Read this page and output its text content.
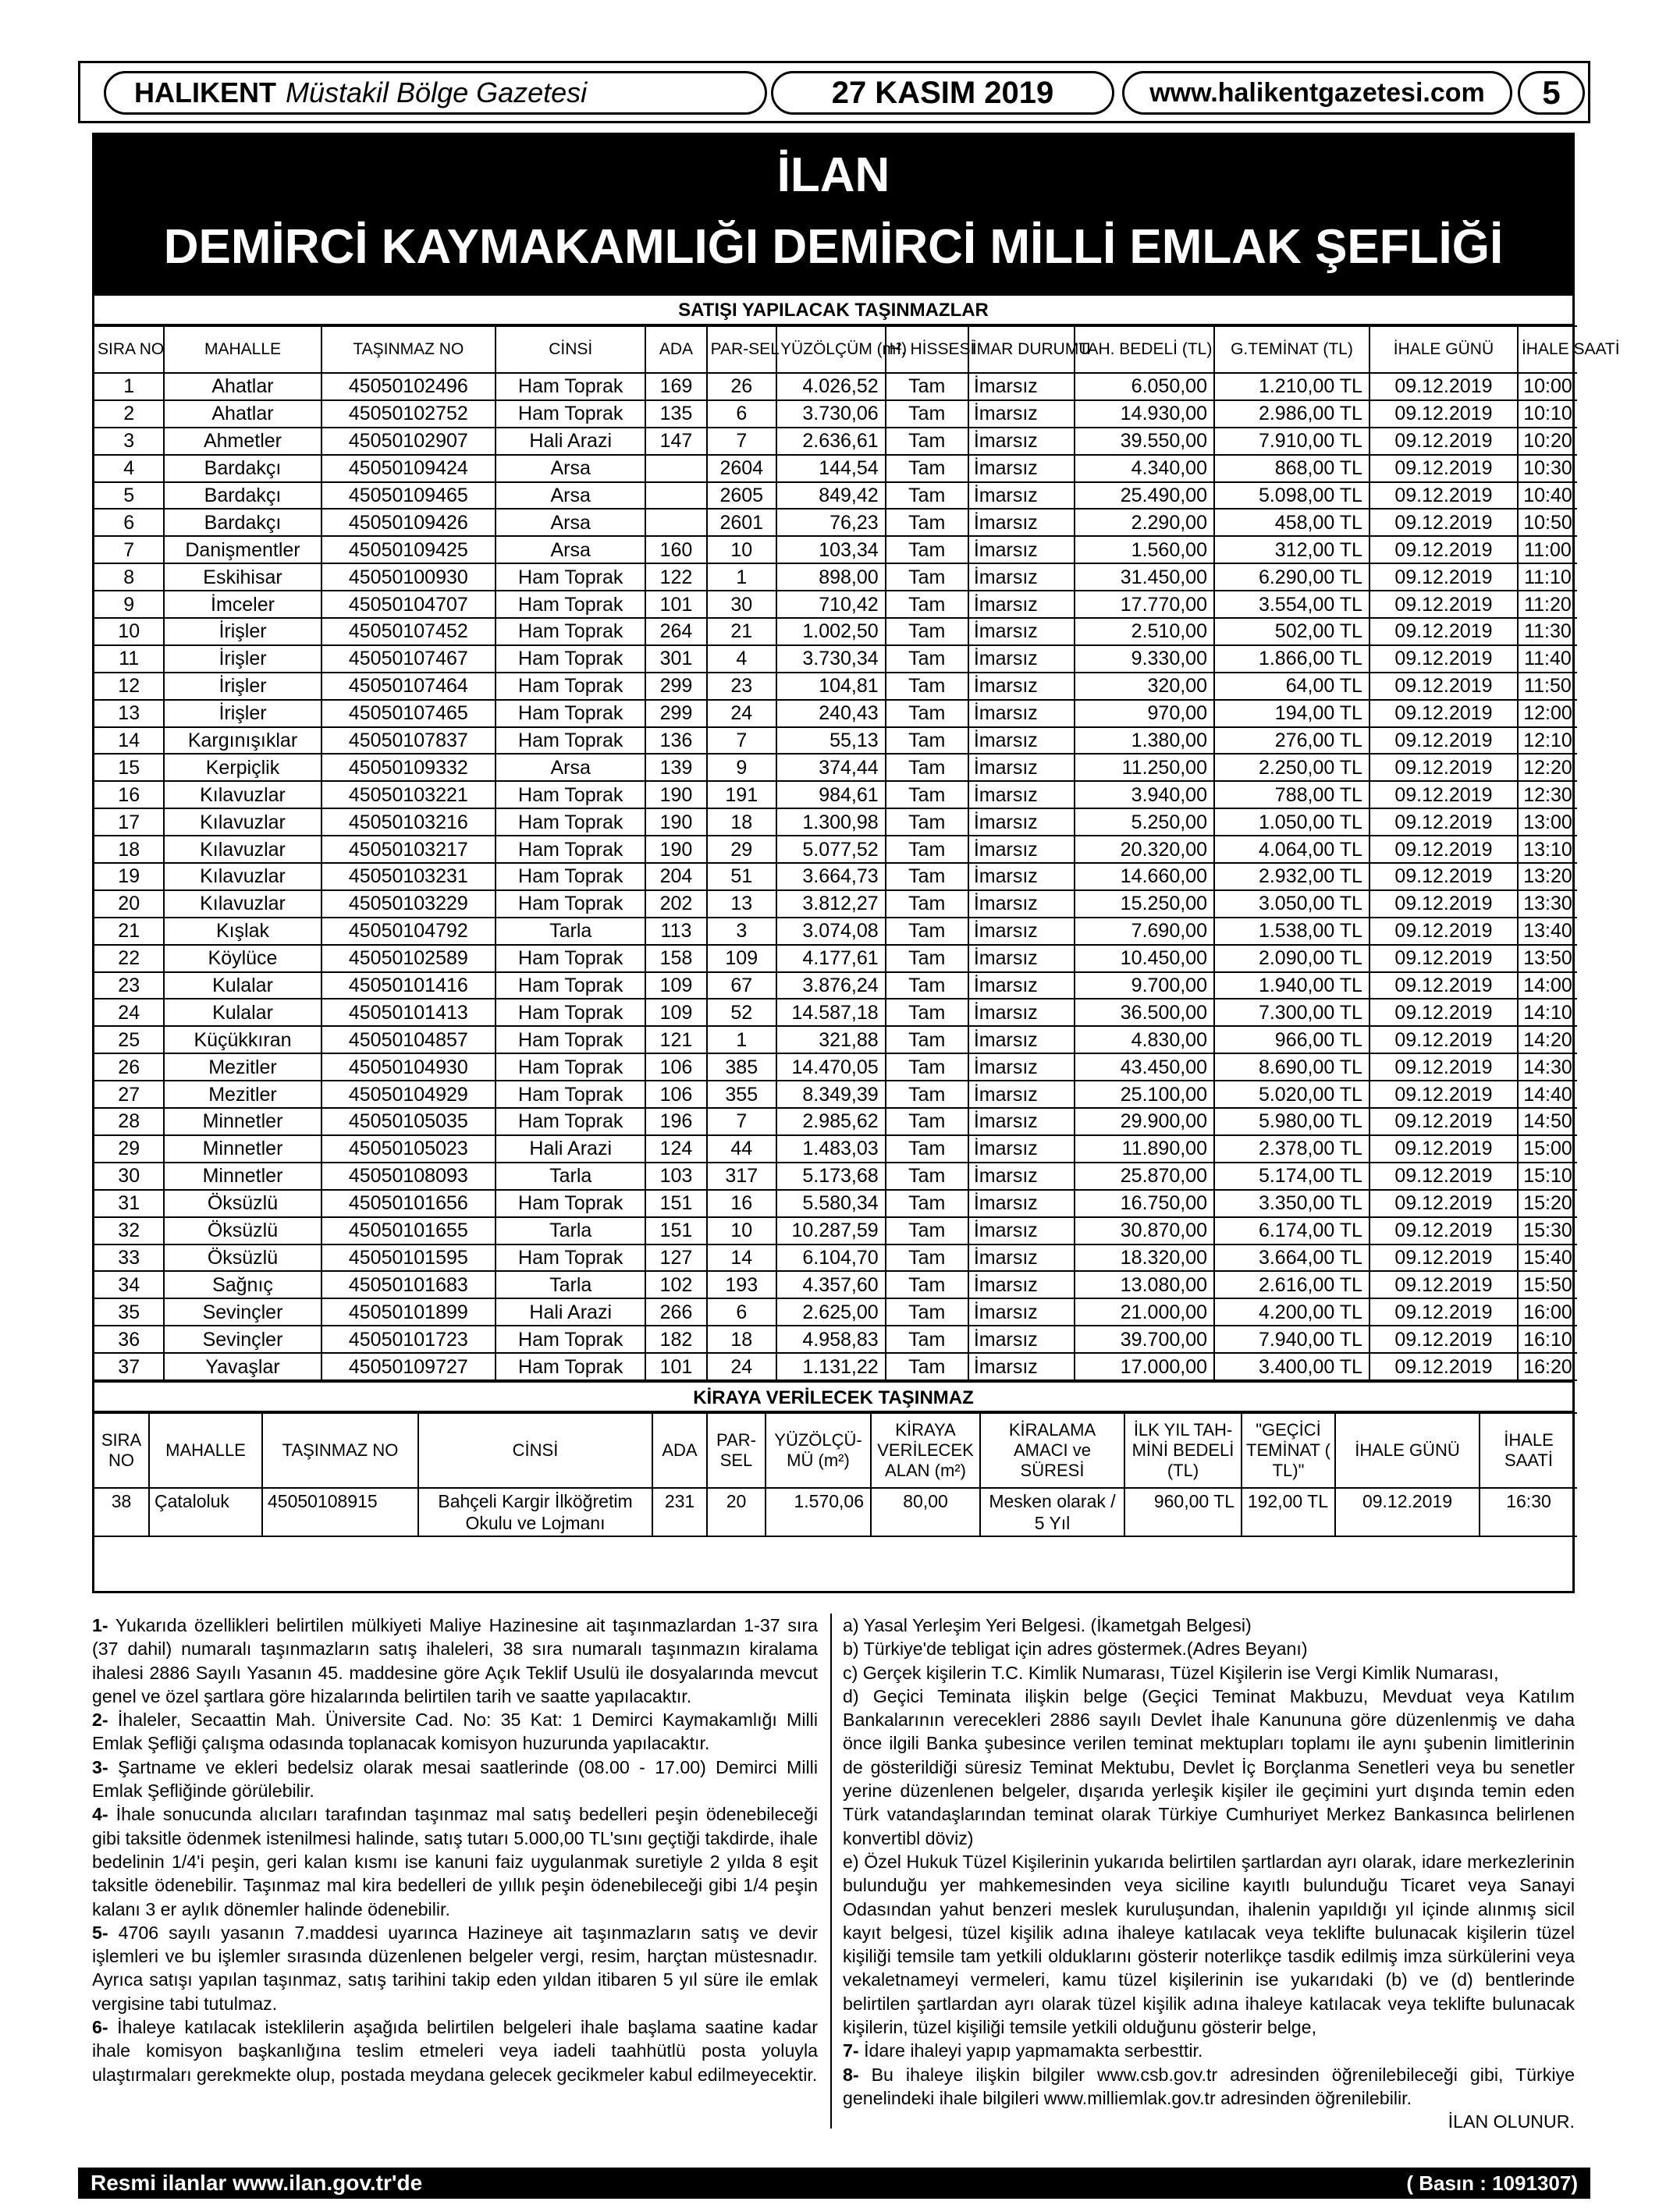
HALIKENT Müstakil Bölge Gazetesi	27 KASIM 2019	www.halikentgazetesi.com	5
İLAN
DEMİRCİ KAYMAKAMLIĞI DEMİRCİ MİLLİ EMLAK ŞEFLİĞİ
SATIŞI YAPILACAK TAŞINMAZLAR
SIRA NO	MAHALLE	TAŞINMAZ NO	CİNSİ	ADA	PAR-SEL	YÜZÖLÇÜM (m²)	H. HİSSESİ	İMAR DURUMU	TAH. BEDELİ (TL)	G.TEMİNAT (TL)	İHALE GÜNÜ	İHALE SAATİ
1	Ahatlar	45050102496	Ham Toprak	169	26	4.026,52	Tam	İmarsız	6.050,00	1.210,00 TL	09.12.2019	10:00
2	Ahatlar	45050102752	Ham Toprak	135	6	3.730,06	Tam	İmarsız	14.930,00	2.986,00 TL	09.12.2019	10:10
3	Ahmetler	45050102907	Hali Arazi	147	7	2.636,61	Tam	İmarsız	39.550,00	7.910,00 TL	09.12.2019	10:20
4	Bardakçı	45050109424	Arsa		2604	144,54	Tam	İmarsız	4.340,00	868,00 TL	09.12.2019	10:30
5	Bardakçı	45050109465	Arsa		2605	849,42	Tam	İmarsız	25.490,00	5.098,00 TL	09.12.2019	10:40
6	Bardakçı	45050109426	Arsa		2601	76,23	Tam	İmarsız	2.290,00	458,00 TL	09.12.2019	10:50
7	Danişmentler	45050109425	Arsa	160	10	103,34	Tam	İmarsız	1.560,00	312,00 TL	09.12.2019	11:00
8	Eskihisar	45050100930	Ham Toprak	122	1	898,00	Tam	İmarsız	31.450,00	6.290,00 TL	09.12.2019	11:10
9	İmceler	45050104707	Ham Toprak	101	30	710,42	Tam	İmarsız	17.770,00	3.554,00 TL	09.12.2019	11:20
10	İrişler	45050107452	Ham Toprak	264	21	1.002,50	Tam	İmarsız	2.510,00	502,00 TL	09.12.2019	11:30
11	İrişler	45050107467	Ham Toprak	301	4	3.730,34	Tam	İmarsız	9.330,00	1.866,00 TL	09.12.2019	11:40
12	İrişler	45050107464	Ham Toprak	299	23	104,81	Tam	İmarsız	320,00	64,00 TL	09.12.2019	11:50
13	İrişler	45050107465	Ham Toprak	299	24	240,43	Tam	İmarsız	970,00	194,00 TL	09.12.2019	12:00
14	Kargınışıklar	45050107837	Ham Toprak	136	7	55,13	Tam	İmarsız	1.380,00	276,00 TL	09.12.2019	12:10
15	Kerpiçlik	45050109332	Arsa	139	9	374,44	Tam	İmarsız	11.250,00	2.250,00 TL	09.12.2019	12:20
16	Kılavuzlar	45050103221	Ham Toprak	190	191	984,61	Tam	İmarsız	3.940,00	788,00 TL	09.12.2019	12:30
17	Kılavuzlar	45050103216	Ham Toprak	190	18	1.300,98	Tam	İmarsız	5.250,00	1.050,00 TL	09.12.2019	13:00
18	Kılavuzlar	45050103217	Ham Toprak	190	29	5.077,52	Tam	İmarsız	20.320,00	4.064,00 TL	09.12.2019	13:10
19	Kılavuzlar	45050103231	Ham Toprak	204	51	3.664,73	Tam	İmarsız	14.660,00	2.932,00 TL	09.12.2019	13:20
20	Kılavuzlar	45050103229	Ham Toprak	202	13	3.812,27	Tam	İmarsız	15.250,00	3.050,00 TL	09.12.2019	13:30
21	Kışlak	45050104792	Tarla	113	3	3.074,08	Tam	İmarsız	7.690,00	1.538,00 TL	09.12.2019	13:40
22	Köylüce	45050102589	Ham Toprak	158	109	4.177,61	Tam	İmarsız	10.450,00	2.090,00 TL	09.12.2019	13:50
23	Kulalar	45050101416	Ham Toprak	109	67	3.876,24	Tam	İmarsız	9.700,00	1.940,00 TL	09.12.2019	14:00
24	Kulalar	45050101413	Ham Toprak	109	52	14.587,18	Tam	İmarsız	36.500,00	7.300,00 TL	09.12.2019	14:10
25	Küçükkıran	45050104857	Ham Toprak	121	1	321,88	Tam	İmarsız	4.830,00	966,00 TL	09.12.2019	14:20
26	Mezitler	45050104930	Ham Toprak	106	385	14.470,05	Tam	İmarsız	43.450,00	8.690,00 TL	09.12.2019	14:30
27	Mezitler	45050104929	Ham Toprak	106	355	8.349,39	Tam	İmarsız	25.100,00	5.020,00 TL	09.12.2019	14:40
28	Minnetler	45050105035	Ham Toprak	196	7	2.985,62	Tam	İmarsız	29.900,00	5.980,00 TL	09.12.2019	14:50
29	Minnetler	45050105023	Hali Arazi	124	44	1.483,03	Tam	İmarsız	11.890,00	2.378,00 TL	09.12.2019	15:00
30	Minnetler	45050108093	Tarla	103	317	5.173,68	Tam	İmarsız	25.870,00	5.174,00 TL	09.12.2019	15:10
31	Öksüzlü	45050101656	Ham Toprak	151	16	5.580,34	Tam	İmarsız	16.750,00	3.350,00 TL	09.12.2019	15:20
32	Öksüzlü	45050101655	Tarla	151	10	10.287,59	Tam	İmarsız	30.870,00	6.174,00 TL	09.12.2019	15:30
33	Öksüzlü	45050101595	Ham Toprak	127	14	6.104,70	Tam	İmarsız	18.320,00	3.664,00 TL	09.12.2019	15:40
34	Sağnıç	45050101683	Tarla	102	193	4.357,60	Tam	İmarsız	13.080,00	2.616,00 TL	09.12.2019	15:50
35	Sevinçler	45050101899	Hali Arazi	266	6	2.625,00	Tam	İmarsız	21.000,00	4.200,00 TL	09.12.2019	16:00
36	Sevinçler	45050101723	Ham Toprak	182	18	4.958,83	Tam	İmarsız	39.700,00	7.940,00 TL	09.12.2019	16:10
37	Yavaşlar	45050109727	Ham Toprak	101	24	1.131,22	Tam	İmarsız	17.000,00	3.400,00 TL	09.12.2019	16:20
KİRAYA VERİLECEK TAŞINMAZ
SIRA NO	MAHALLE	TAŞINMAZ NO	CİNSİ	ADA	PAR-SEL	YÜZÖLÇÜ-MÜ (m²)	KİRAYA VERİLECEK ALAN (m²)	KİRALAMA AMACI ve SÜRESİ	İLK YIL TAH-MİNİ BEDELİ (TL)	"GEÇİCİ TEMİNAT ( TL)"	İHALE GÜNÜ	İHALE SAATİ
38	Çataloluk	45050108915	Bahçeli Kargir İlköğretim Okulu ve Lojmanı	231	20	1.570,06	80,00	Mesken olarak / 5 Yıl	960,00 TL	192,00 TL	09.12.2019	16:30

1- Yukarıda özellikleri belirtilen mülkiyeti Maliye Hazinesine ait taşınmazlardan 1-37 sıra (37 dahil) numaralı taşınmazların satış ihaleleri, 38 sıra numaralı taşınmazın kiralama ihalesi 2886 Sayılı Yasanın 45. maddesine göre Açık Teklif Usulü ile dosyalarında mevcut genel ve özel şartlara göre hizalarında belirtilen tarih ve saatte yapılacaktır.

2- İhaleler, Secaattin Mah. Üniversite Cad. No: 35 Kat: 1 Demirci Kaymakamlığı Milli Emlak Şefliği çalışma odasında toplanacak komisyon huzurunda yapılacaktır.

3- Şartname ve ekleri bedelsiz olarak mesai saatlerinde (08.00 - 17.00) Demirci Milli Emlak Şefliğinde görülebilir.

4- İhale sonucunda alıcıları tarafından taşınmaz mal satış bedelleri peşin ödenebileceği gibi taksitle ödenmek istenilmesi halinde, satış tutarı 5.000,00 TL'sını geçtiği takdirde, ihale bedelinin 1/4'i peşin, geri kalan kısmı ise kanuni faiz uygulanmak suretiyle 2 yılda 8 eşit taksitle ödenebilir. Taşınmaz mal kira bedelleri de yıllık peşin ödenebileceği gibi 1/4 peşin kalanı 3 er aylık dönemler halinde ödenebilir.

5- 4706 sayılı yasanın 7.maddesi uyarınca Hazineye ait taşınmazların satış ve devir işlemleri ve bu işlemler sırasında düzenlenen belgeler vergi, resim, harçtan müstesnadır. Ayrıca satışı yapılan taşınmaz, satış tarihini takip eden yıldan itibaren 5 yıl süre ile emlak vergisine tabi tutulmaz.

6- İhaleye katılacak isteklilerin aşağıda belirtilen belgeleri ihale başlama saatine kadar ihale komisyon başkanlığına teslim etmeleri veya iadeli taahhütlü posta yoluyla ulaştırmaları gerekmekte olup, postada meydana gelecek gecikmeler kabul edilmeyecektir.

a) Yasal Yerleşim Yeri Belgesi. (İkametgah Belgesi)

b) Türkiye'de tebligat için adres göstermek.(Adres Beyanı)

c) Gerçek kişilerin T.C. Kimlik Numarası, Tüzel Kişilerin ise Vergi Kimlik Numarası,

d) Geçici Teminata ilişkin belge (Geçici Teminat Makbuzu, Mevduat veya Katılım Bankalarının verecekleri 2886 sayılı Devlet İhale Kanununa göre düzenlenmiş ve daha önce ilgili Banka şubesince verilen teminat mektupları toplamı ile aynı şubenin limitlerinin de gösterildiği süresiz Teminat Mektubu, Devlet İç Borçlanma Senetleri veya bu senetler yerine düzenlenen belgeler, dışarıda yerleşik kişiler ile geçimini yurt dışında temin eden Türk vatandaşlarından teminat olarak Türkiye Cumhuriyet Merkez Bankasınca belirlenen konvertibl döviz)

e) Özel Hukuk Tüzel Kişilerinin yukarıda belirtilen şartlardan ayrı olarak, idare merkezlerinin bulunduğu yer mahkemesinden veya siciline kayıtlı bulunduğu Ticaret veya Sanayi Odasından yahut benzeri meslek kuruluşundan, ihalenin yapıldığı yıl içinde alınmış sicil kayıt belgesi, tüzel kişilik adına ihaleye katılacak veya teklifte bulunacak kişilerin tüzel kişiliği temsile tam yetkili olduklarını gösterir noterlikçe tasdik edilmiş imza sürkülerini veya vekaletnameyi vermeleri, kamu tüzel kişilerinin ise yukarıdaki (b) ve (d) bentlerinde belirtilen şartlardan ayrı olarak tüzel kişilik adına ihaleye katılacak veya teklifte bulunacak kişilerin, tüzel kişiliği temsile yetkili olduğunu gösterir belge,

7- İdare ihaleyi yapıp yapmamakta serbesttir.

8- Bu ihaleye ilişkin bilgiler www.csb.gov.tr adresinden öğrenilebileceği gibi, Türkiye genelindeki ihale bilgileri www.milliemlak.gov.tr adresinden öğrenilebilir.

İLAN OLUNUR.

Resmi ilanlar www.ilan.gov.tr'de	( Basın : 1091307)
